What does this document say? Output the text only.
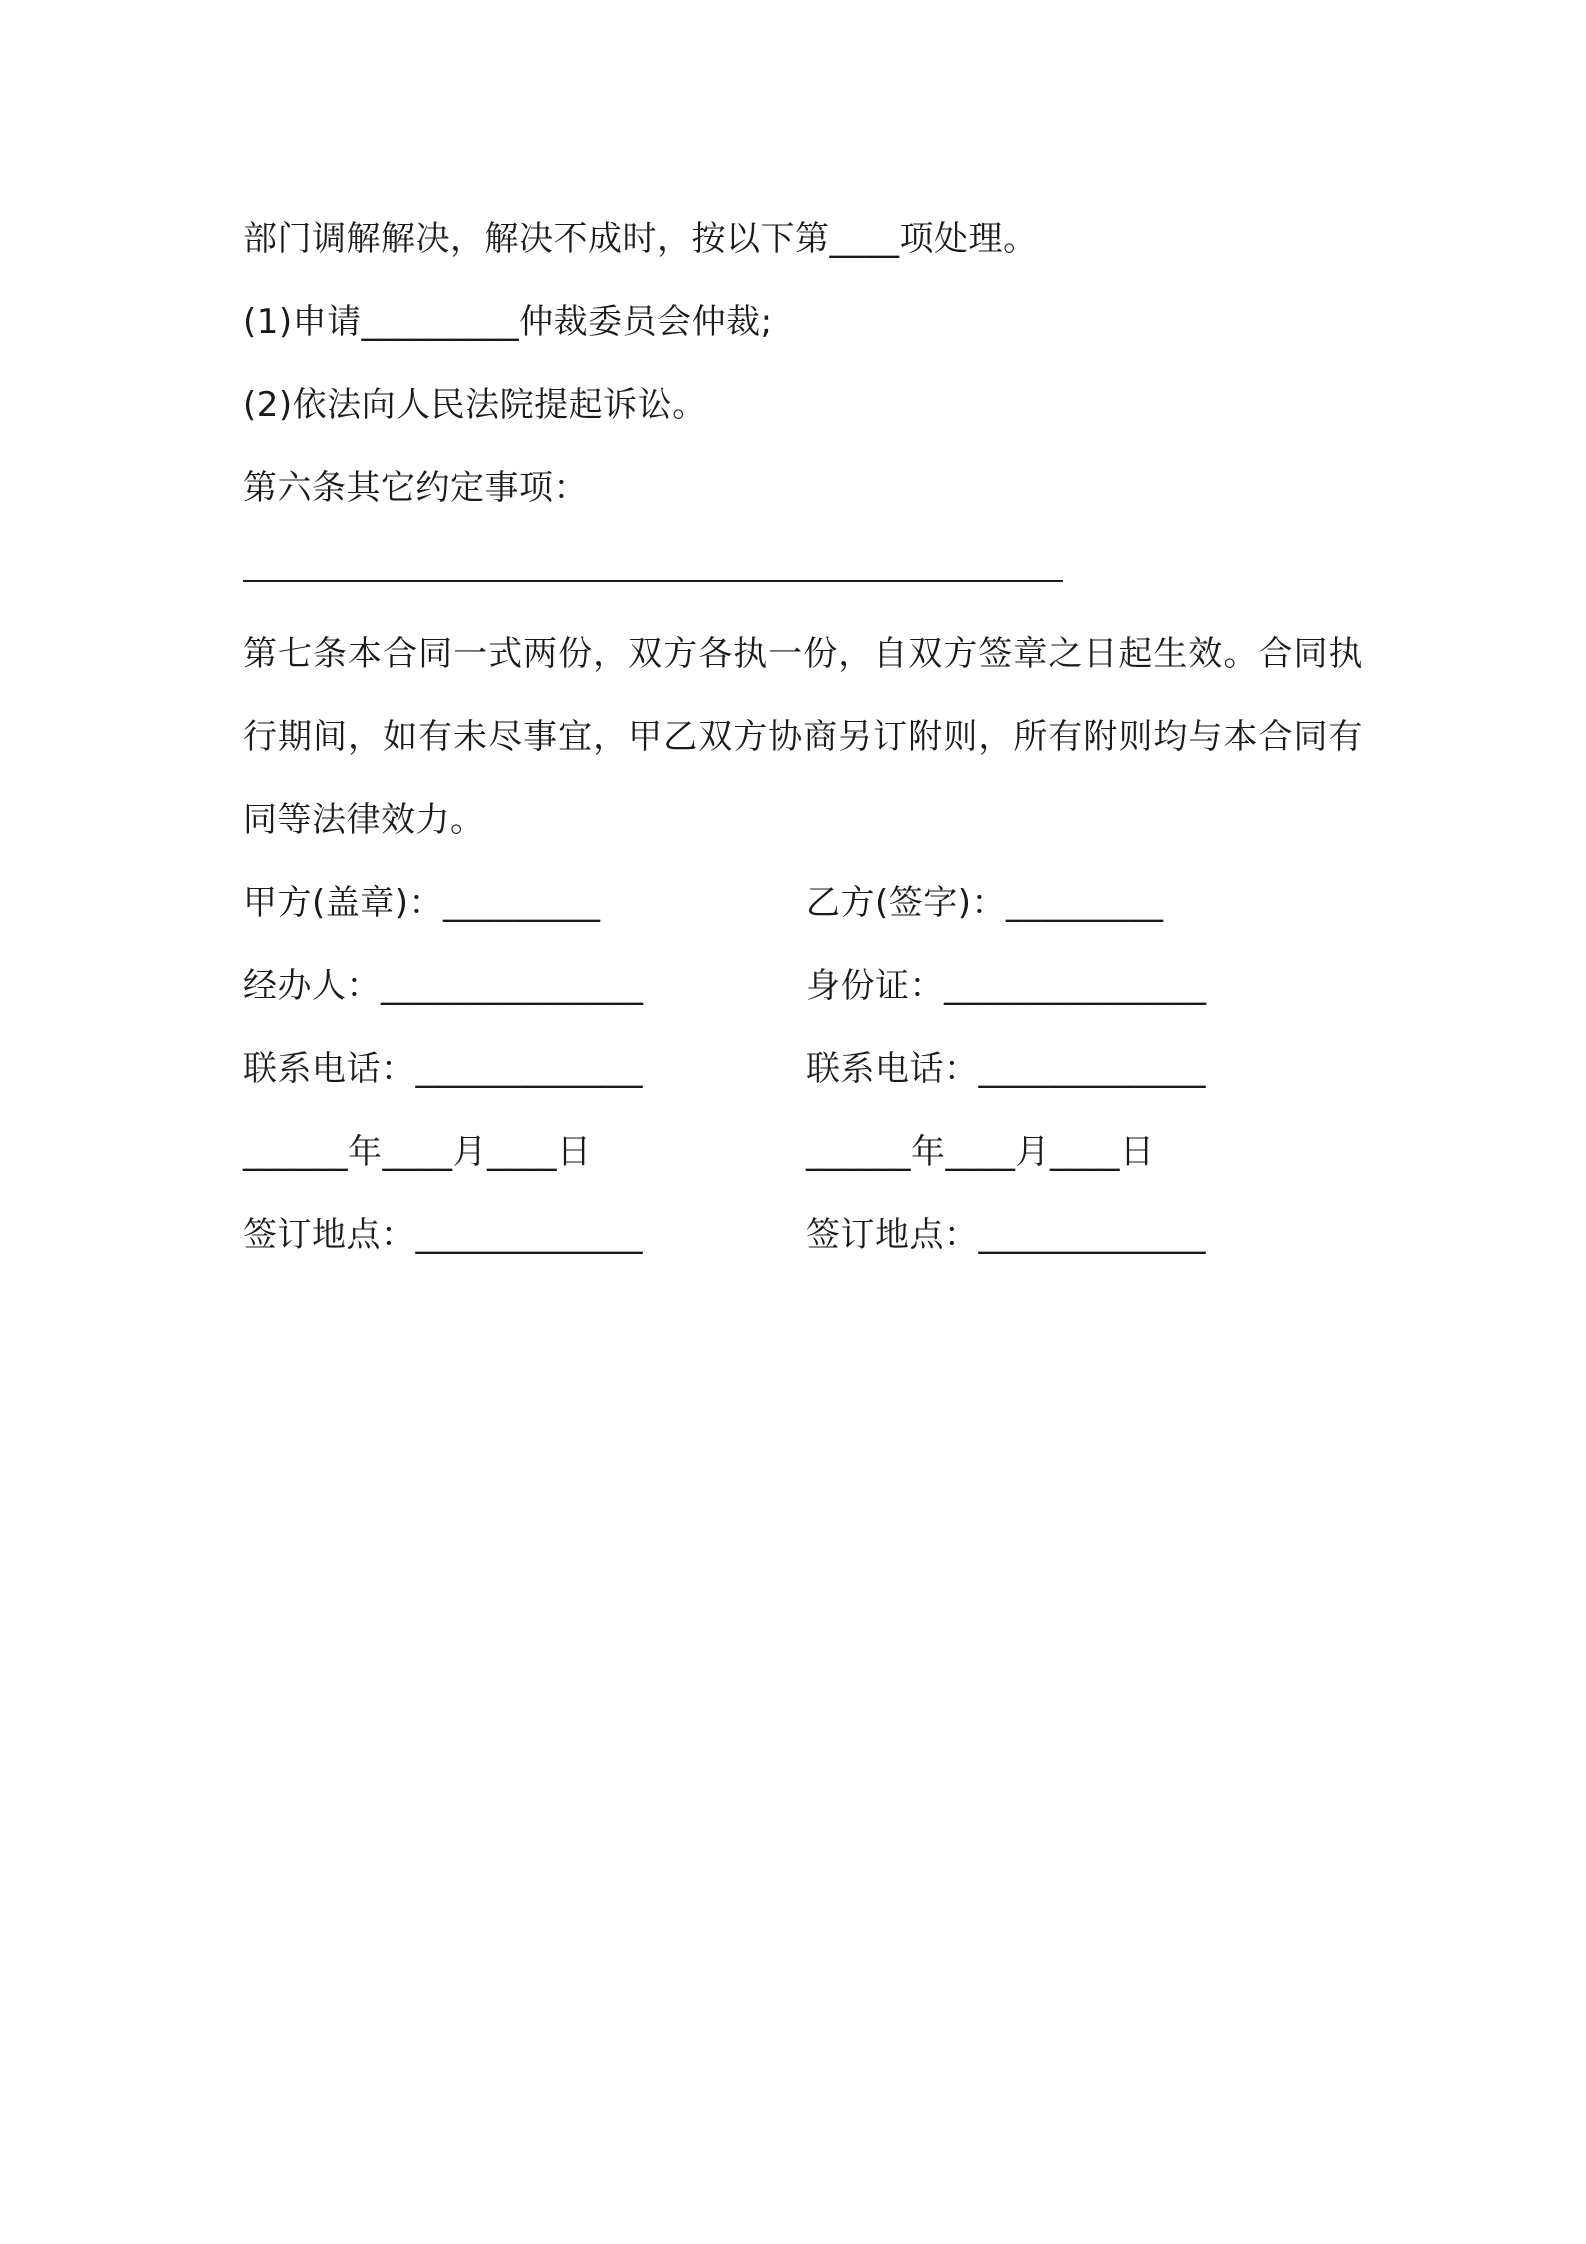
部门调解解决，解决不成时，按以下第____项处理。
(1)申请_________仲裁委员会仲裁;
(2)依法向人民法院提起诉讼。
第六条其它约定事项：
第七条本合同一式两份，双方各执一份，自双方签章之日起生效。合同执行期间，如有未尽事宜，甲乙双方协商另订附则，所有附则均与本合同有同等法律效力。
甲方(盖章)：_________	乙方(签字)：_________
经办人：_______________	身份证：_______________
联系电话：_____________	联系电话：_____________
______年____月____日	______年____月____日
签订地点：_____________	签订地点：_____________
